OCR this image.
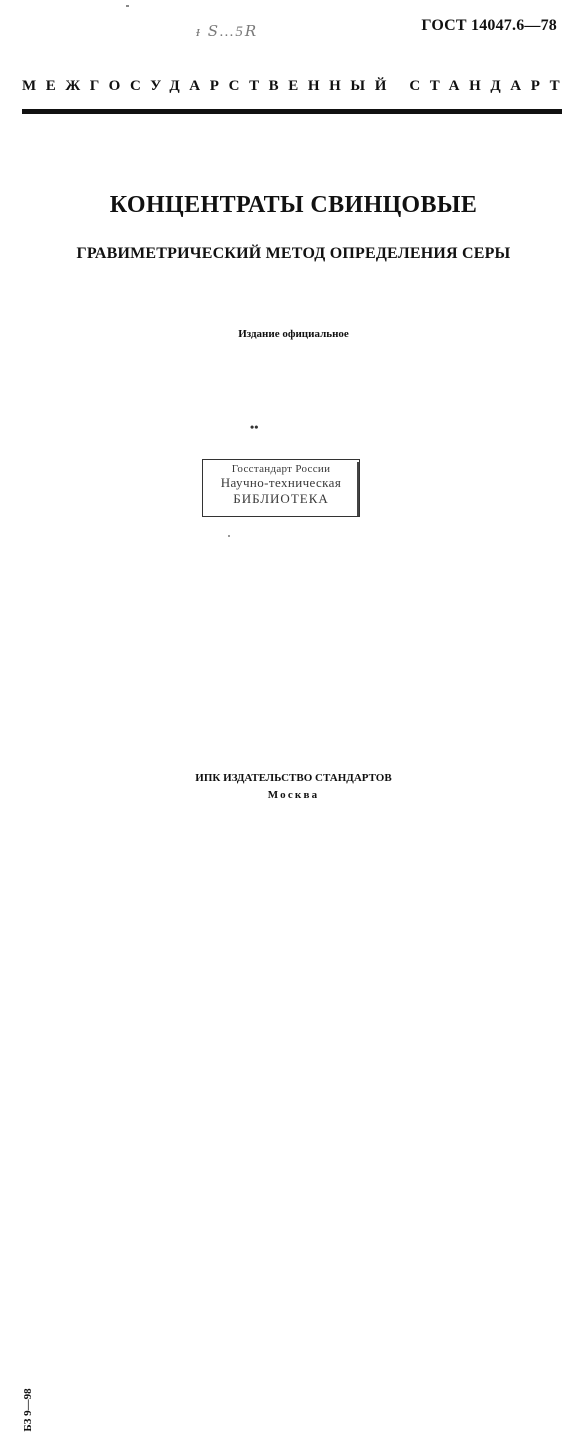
ᵻ 𝑆…5𝑅	ГОСТ 14047.6—78
МЕЖГОСУДАРСТВЕННЫЙ СТАНДАРТ
КОНЦЕНТРАТЫ СВИНЦОВЫЕ
ГРАВИМЕТРИЧЕСКИЙ МЕТОД ОПРЕДЕЛЕНИЯ СЕРЫ
Издание официальное
••
Госстандарт России
Научно-техническая
БИБЛИОТЕКА
БЗ 9—98
ИПК ИЗДАТЕЛЬСТВО СТАНДАРТОВ
Москва
